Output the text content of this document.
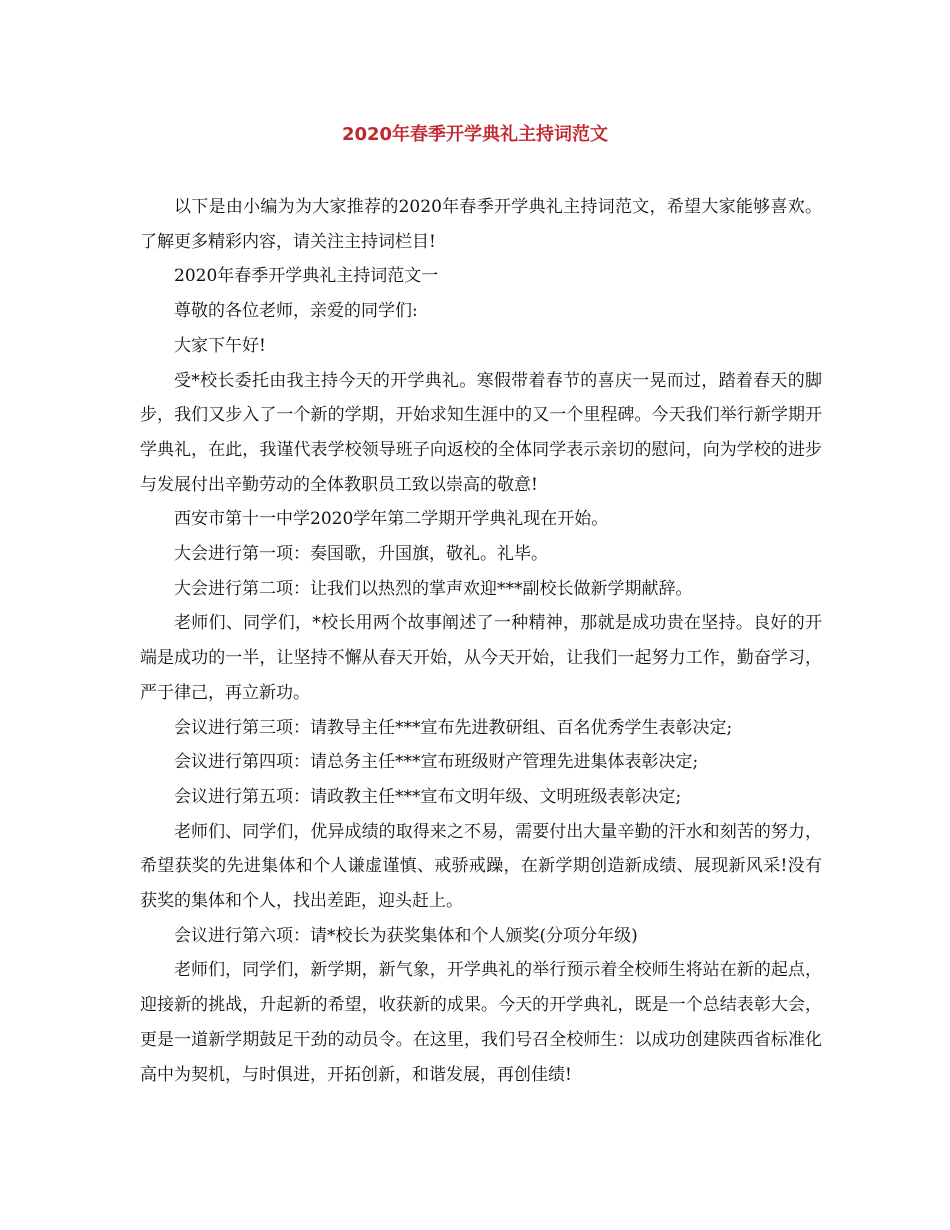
2020年春季开学典礼主持词范文

以下是由小编为为大家推荐的2020年春季开学典礼主持词范文，希望大家能够喜欢。了解更多精彩内容，请关注主持词栏目!

2020年春季开学典礼主持词范文一

尊敬的各位老师，亲爱的同学们:

大家下午好!

受*校长委托由我主持今天的开学典礼。寒假带着春节的喜庆一晃而过，踏着春天的脚步，我们又步入了一个新的学期，开始求知生涯中的又一个里程碑。今天我们举行新学期开学典礼，在此，我谨代表学校领导班子向返校的全体同学表示亲切的慰问，向为学校的进步与发展付出辛勤劳动的全体教职员工致以崇高的敬意!

西安市第十一中学2020学年第二学期开学典礼现在开始。

大会进行第一项：奏国歌，升国旗，敬礼。礼毕。

大会进行第二项：让我们以热烈的掌声欢迎***副校长做新学期献辞。

老师们、同学们，*校长用两个故事阐述了一种精神，那就是成功贵在坚持。良好的开端是成功的一半，让坚持不懈从春天开始，从今天开始，让我们一起努力工作，勤奋学习，严于律己，再立新功。

会议进行第三项：请教导主任***宣布先进教研组、百名优秀学生表彰决定;

会议进行第四项：请总务主任***宣布班级财产管理先进集体表彰决定;

会议进行第五项：请政教主任***宣布文明年级、文明班级表彰决定;

老师们、同学们，优异成绩的取得来之不易，需要付出大量辛勤的汗水和刻苦的努力，希望获奖的先进集体和个人谦虚谨慎、戒骄戒躁，在新学期创造新成绩、展现新风采!没有获奖的集体和个人，找出差距，迎头赶上。

会议进行第六项：请*校长为获奖集体和个人颁奖(分项分年级)

老师们，同学们，新学期，新气象，开学典礼的举行预示着全校师生将站在新的起点，迎接新的挑战，升起新的希望，收获新的成果。今天的开学典礼，既是一个总结表彰大会，更是一道新学期鼓足干劲的动员令。在这里，我们号召全校师生：以成功创建陕西省标准化高中为契机，与时俱进，开拓创新，和谐发展，再创佳绩!
